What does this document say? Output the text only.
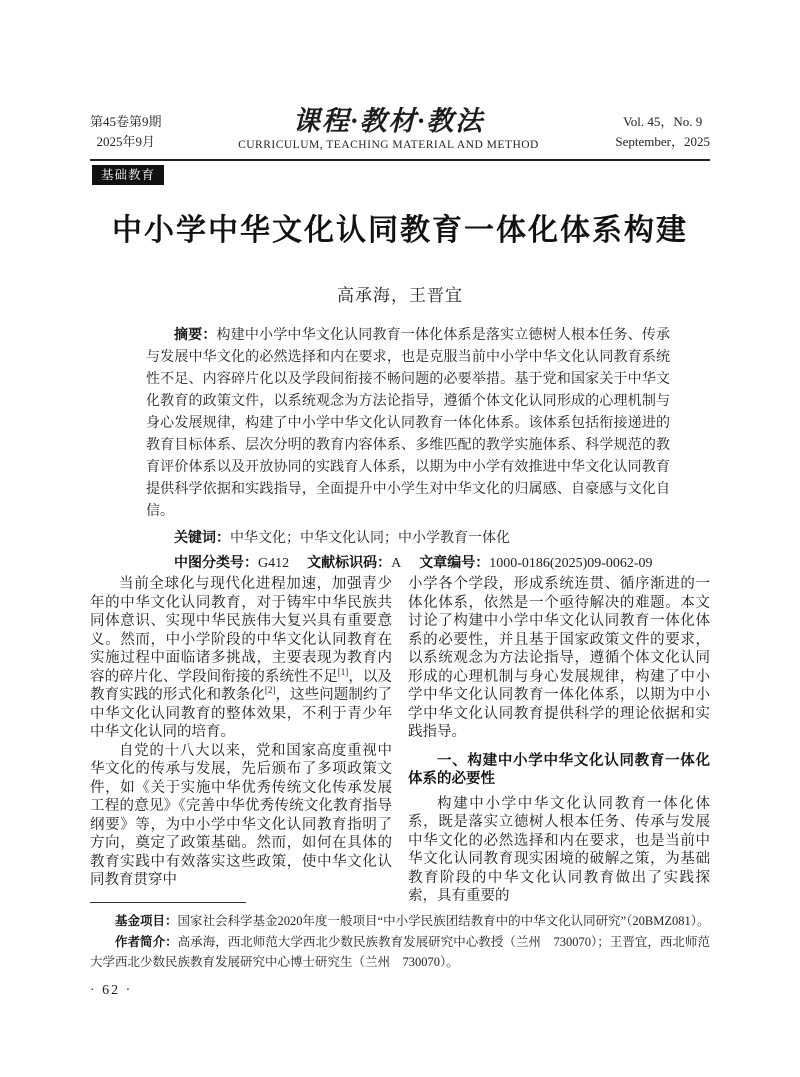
第45卷第9期
2025年9月
课程·教材·教法
CURRICULUM, TEACHING MATERIAL AND METHOD
Vol. 45，No. 9
September，2025
基础教育
中小学中华文化认同教育一体化体系构建
高承海，王晋宜

摘要：构建中小学中华文化认同教育一体化体系是落实立德树人根本任务、传承与发展中华文化的必然选择和内在要求，也是克服当前中小学中华文化认同教育系统性不足、内容碎片化以及学段间衔接不畅问题的必要举措。基于党和国家关于中华文化教育的政策文件，以系统观念为方法论指导，遵循个体文化认同形成的心理机制与身心发展规律，构建了中小学中华文化认同教育一体化体系。该体系包括衔接递进的教育目标体系、层次分明的教育内容体系、多维匹配的教学实施体系、科学规范的教育评价体系以及开放协同的实践育人体系，以期为中小学有效推进中华文化认同教育提供科学依据和实践指导，全面提升中小学生对中华文化的归属感、自豪感与文化自信。

关键词：中华文化；中华文化认同；中小学教育一体化

中图分类号：G412 文献标识码：A 文章编号：1000-0186(2025)09-0062-09

当前全球化与现代化进程加速，加强青少年的中华文化认同教育，对于铸牢中华民族共同体意识、实现中华民族伟大复兴具有重要意义。然而，中小学阶段的中华文化认同教育在实施过程中面临诸多挑战，主要表现为教育内容的碎片化、学段间衔接的系统性不足[1]，以及教育实践的形式化和教条化[2]，这些问题制约了中华文化认同教育的整体效果，不利于青少年中华文化认同的培育。

自党的十八大以来，党和国家高度重视中华文化的传承与发展，先后颁布了多项政策文件，如《关于实施中华优秀传统文化传承发展工程的意见》《完善中华优秀传统文化教育指导纲要》等，为中小学中华文化认同教育指明了方向，奠定了政策基础。然而，如何在具体的教育实践中有效落实这些政策，使中华文化认同教育贯穿中

小学各个学段，形成系统连贯、循序渐进的一体化体系，依然是一个亟待解决的难题。本文讨论了构建中小学中华文化认同教育一体化体系的必要性，并且基于国家政策文件的要求，以系统观念为方法论指导，遵循个体文化认同形成的心理机制与身心发展规律，构建了中小学中华文化认同教育一体化体系，以期为中小学中华文化认同教育提供科学的理论依据和实践指导。

一、构建中小学中华文化认同教育一体化体系的必要性

构建中小学中华文化认同教育一体化体系，既是落实立德树人根本任务、传承与发展中华文化的必然选择和内在要求，也是当前中华文化认同教育现实困境的破解之策，为基础教育阶段的中华文化认同教育做出了实践探索，具有重要的

基金项目：国家社会科学基金2020年度一般项目“中小学民族团结教育中的中华文化认同研究”（20BMZ081）。

作者简介：高承海，西北师范大学西北少数民族教育发展研究中心教授（兰州　730070）；王晋宜，西北师范大学西北少数民族教育发展研究中心博士研究生（兰州　730070）。

· 62 ·
